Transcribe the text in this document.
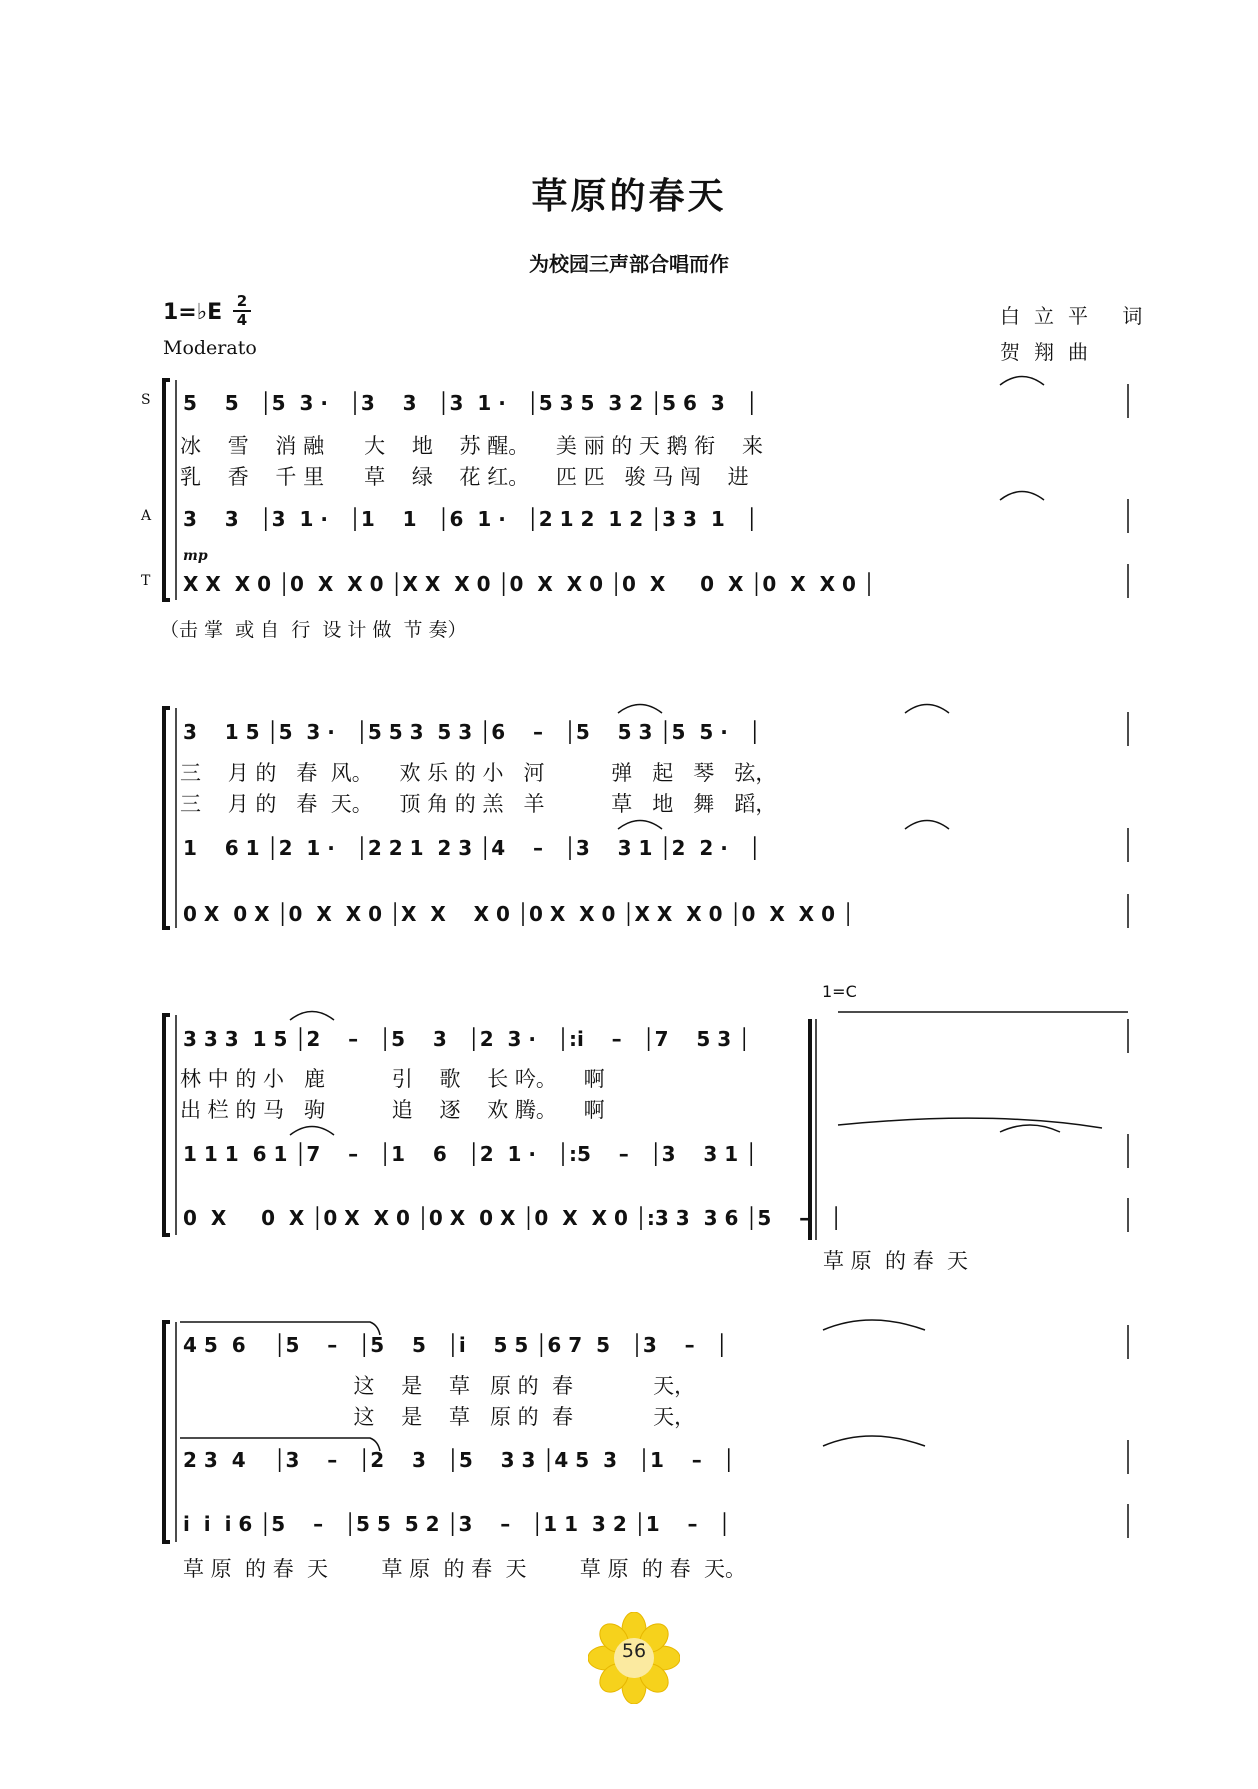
草原的春天
为校园三声部合唱而作
1=♭E 2
4
Moderato
白立平 词
贺翔曲
S
A
T
mp
5    5   │5  3 ·   │3    3   │3  1 ·   │5 3 5  3 2 │5 6  3   │
冰    雪    消 融      大    地    苏 醒。    美 丽 的 天 鹅 衔    来
乳    香    千 里      草    绿    花 红。    匹 匹   骏 马 闯    进
3    3   │3  1 ·   │1    1   │6  1 ·   │2 1 2  1 2 │3 3  1   │
X X  X 0 │0  X  X 0 │X X  X 0 │0  X  X 0 │0  X     0  X │0  X  X 0 │
（击 掌  或 自  行  设 计 做  节 奏）
3    1 5 │5  3 ·   │5 5 3  5 3 │6    –   │5    5 3 │5  5 ·   │
三    月 的   春  风。    欢 乐 的 小   河          弹   起   琴   弦，
三    月 的   春  天。    顶 角 的 羔   羊          草   地   舞   蹈，
1    6 1 │2  1 ·   │2 2 1  2 3 │4    –   │3    3 1 │2  2 ·   │
0 X  0 X │0  X  X 0 │X  X    X 0 │0 X  X 0 │X X  X 0 │0  X  X 0 │
1=C
3 3 3  1 5 │2    –   │5    3   │2  3 ·   │:i    –   │7    5 3 │
林 中 的 小   鹿          引    歌    长 吟。    啊
出 栏 的 马   驹          追    逐    欢 腾。    啊
1 1 1  6 1 │7    –   │1    6   │2  1 ·   │:5    –   │3    3 1 │
0  X     0  X │0 X  X 0 │0 X  0 X │0  X  X 0 │:3 3  3 6 │5    –   │
草 原  的 春  天
4 5  6    │5    –   │5    5   │i    5 5 │6 7  5   │3    –   │
这    是    草   原 的  春            天，
这    是    草   原 的  春            天，
2 3  4    │3    –   │2    3   │5    3 3 │4 5  3   │1    –   │
i  i  i 6 │5    –   │5 5  5 2 │3    –   │1 1  3 2 │1    –   │
草 原  的 春  天        草 原  的 春  天        草 原  的 春  天。
56
